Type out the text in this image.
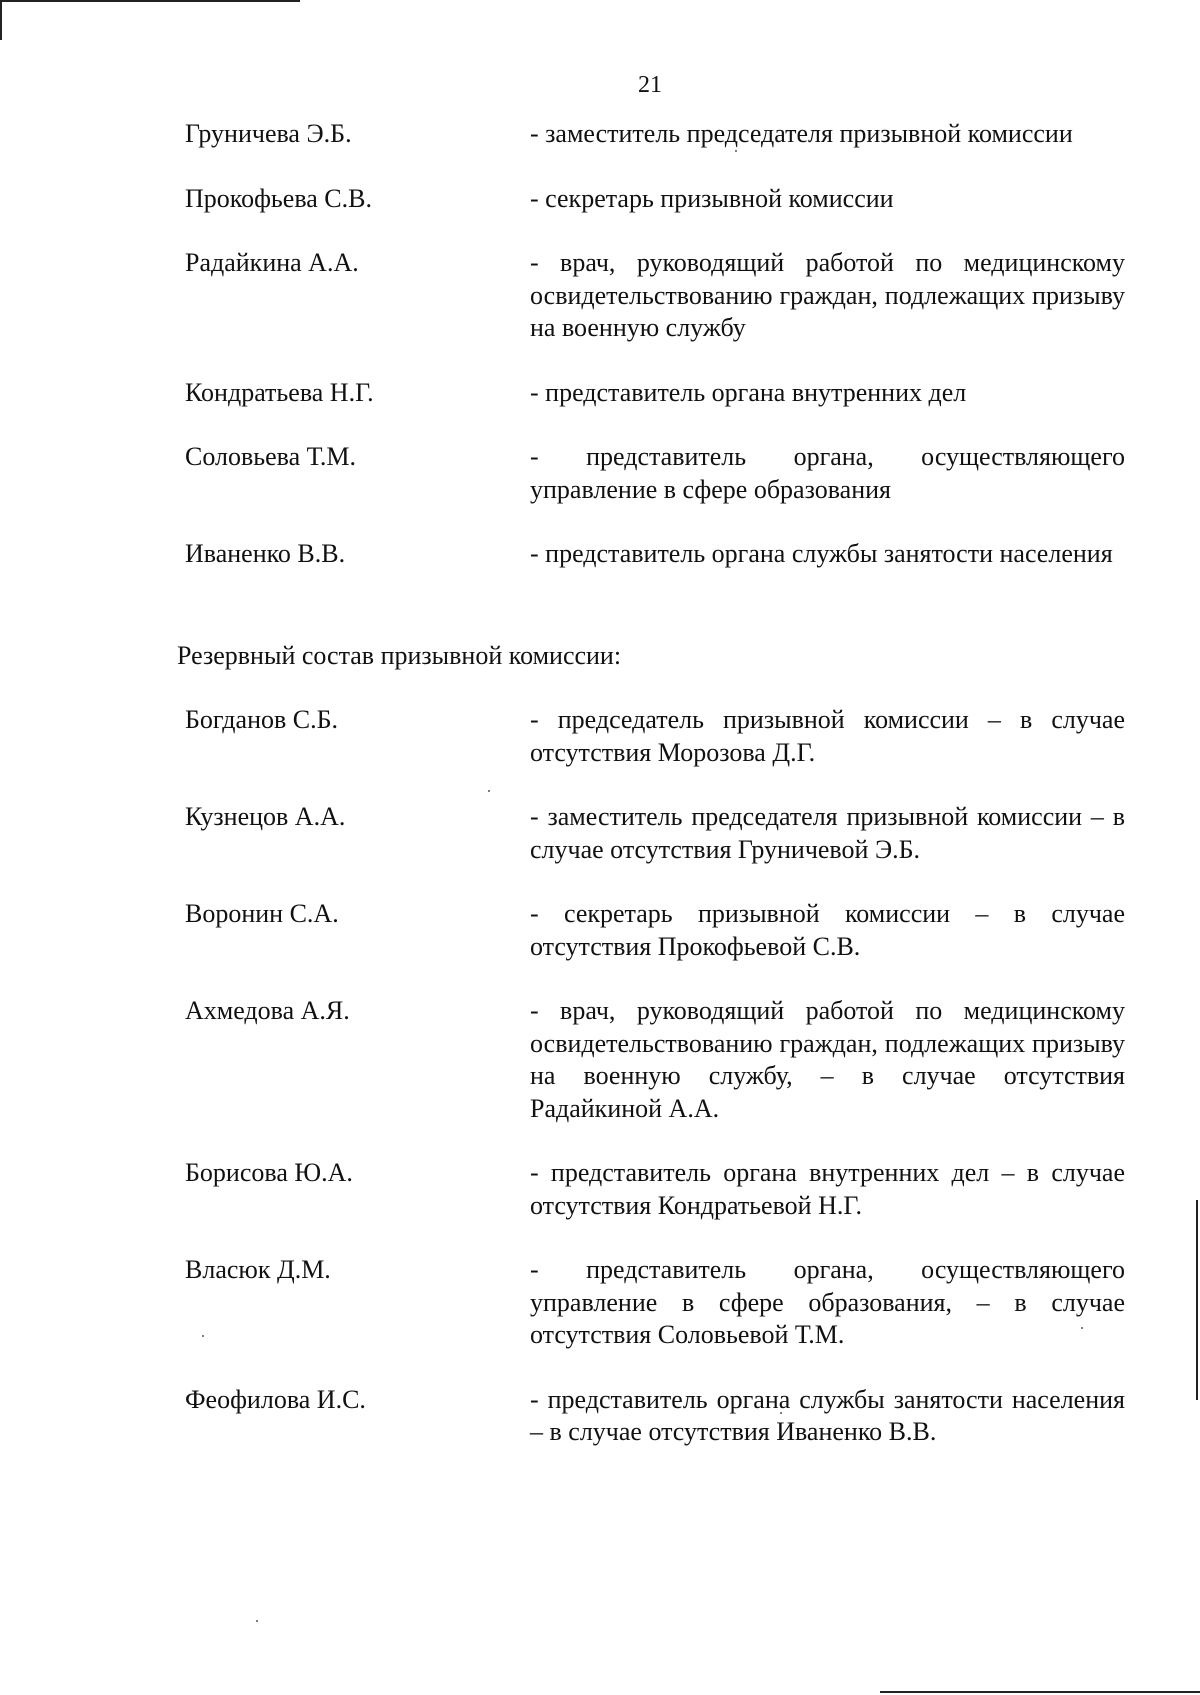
21
Груничева Э.Б.	- заместитель председателя призывной комиссии
Прокофьева С.В.	- секретарь призывной комиссии
Радайкина А.А.	- врач, руководящий работой по медицинскому освидетельствованию граждан, подлежащих призыву на военную службу
Кондратьева Н.Г.	- представитель органа внутренних дел
Соловьева Т.М.	- представитель органа, осуществляющего управление в сфере образования
Иваненко В.В.	- представитель органа службы занятости населения
Резервный состав призывной комиссии:
Богданов С.Б.	- председатель призывной комиссии – в случае отсутствия Морозова Д.Г.
Кузнецов А.А.	- заместитель председателя призывной комиссии – в случае отсутствия Груничевой Э.Б.
Воронин С.А.	- секретарь призывной комиссии – в случае отсутствия Прокофьевой С.В.
Ахмедова А.Я.	- врач, руководящий работой по медицинскому освидетельствованию граждан, подлежащих призыву на военную службу, – в случае отсутствия Радайкиной А.А.
Борисова Ю.А.	- представитель органа внутренних дел – в случае отсутствия Кондратьевой Н.Г.
Власюк Д.М.	- представитель органа, осуществляющего управление в сфере образования, – в случае отсутствия Соловьевой Т.М.
Феофилова И.С.	- представитель органа службы занятости населения – в случае отсутствия Иваненко В.В.
